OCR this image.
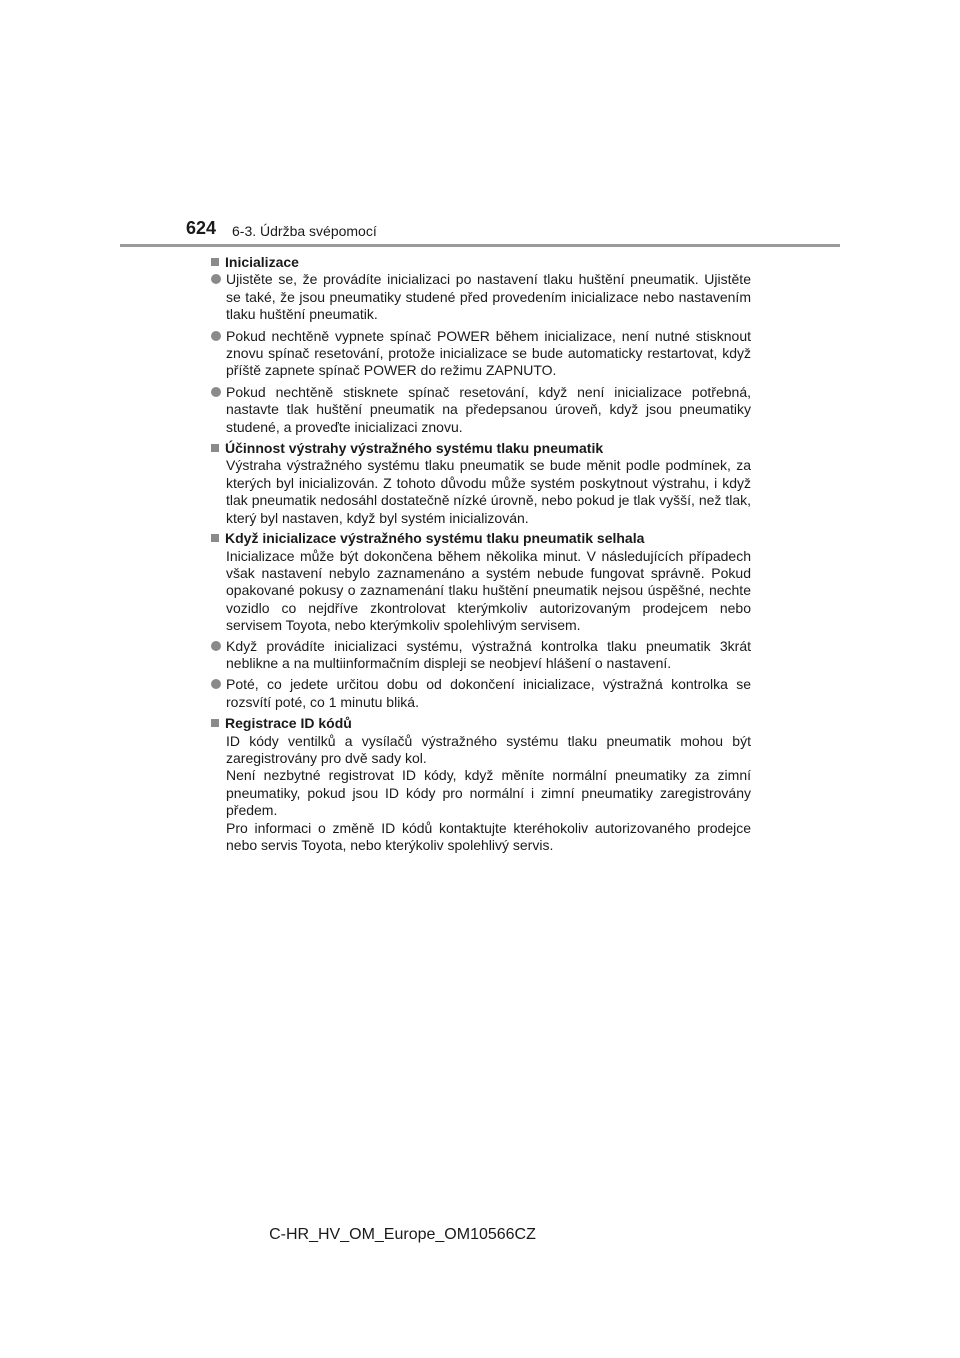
624 6-3. Údržba svépomocí
Inicializace
Ujistěte se, že provádíte inicializaci po nastavení tlaku huštění pneumatik. Ujistěte se také, že jsou pneumatiky studené před provedením inicializace nebo nastavením tlaku huštění pneumatik.
Pokud nechtěně vypnete spínač POWER během inicializace, není nutné stisknout znovu spínač resetování, protože inicializace se bude automaticky restartovat, když příště zapnete spínač POWER do režimu ZAPNUTO.
Pokud nechtěně stisknete spínač resetování, když není inicializace potřebná, nastavte tlak huštění pneumatik na předepsanou úroveň, když jsou pneumatiky studené, a proveďte inicializaci znovu.
Účinnost výstrahy výstražného systému tlaku pneumatik
Výstraha výstražného systému tlaku pneumatik se bude měnit podle podmínek, za kterých byl inicializován. Z tohoto důvodu může systém poskytnout výstrahu, i když tlak pneumatik nedosáhl dostatečně nízké úrovně, nebo pokud je tlak vyšší, než tlak, který byl nastaven, když byl systém inicializován.
Když inicializace výstražného systému tlaku pneumatik selhala
Inicializace může být dokončena během několika minut. V následujících případech však nastavení nebylo zaznamenáno a systém nebude fungovat správně. Pokud opakované pokusy o zaznamenání tlaku huštění pneumatik nejsou úspěšné, nechte vozidlo co nejdříve zkontrolovat kterýmkoliv autorizovaným prodejcem nebo servisem Toyota, nebo kterýmkoliv spolehlivým servisem.
Když provádíte inicializaci systému, výstražná kontrolka tlaku pneumatik 3krát neblikne a na multiinformačním displeji se neobjeví hlášení o nastavení.
Poté, co jedete určitou dobu od dokončení inicializace, výstražná kontrolka se rozsvítí poté, co 1 minutu bliká.
Registrace ID kódů
ID kódy ventilků a vysílačů výstražného systému tlaku pneumatik mohou být zaregistrovány pro dvě sady kol.
Není nezbytné registrovat ID kódy, když měníte normální pneumatiky za zimní pneumatiky, pokud jsou ID kódy pro normální i zimní pneumatiky zaregistrovány předem.
Pro informaci o změně ID kódů kontaktujte kteréhokoliv autorizovaného prodejce nebo servis Toyota, nebo kterýkoliv spolehlivý servis.
C-HR_HV_OM_Europe_OM10566CZ
